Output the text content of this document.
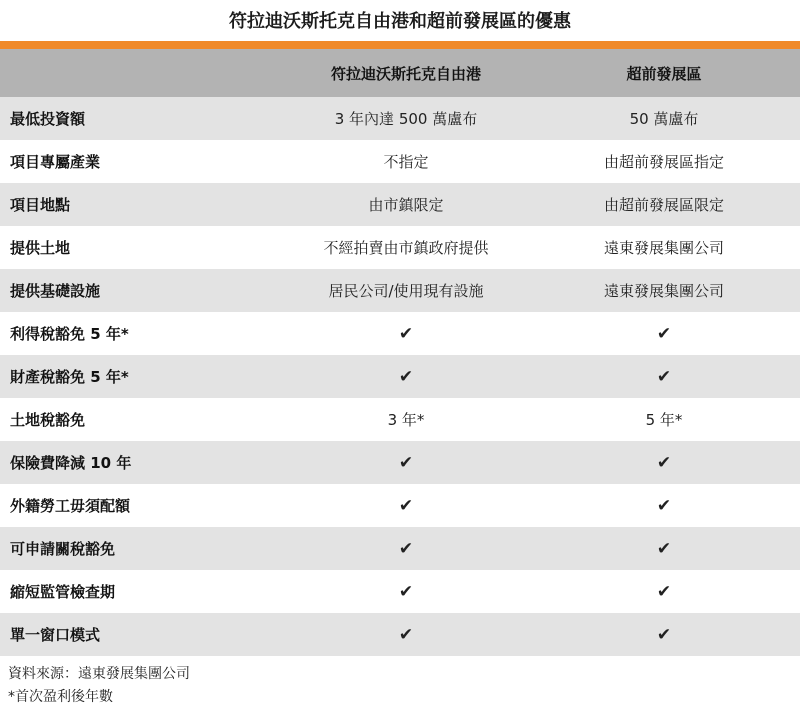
符拉迪沃斯托克自由港和超前發展區的優惠
	符拉迪沃斯托克自由港	超前發展區
最低投資額	3 年內達 500 萬盧布	50 萬盧布
項目專屬產業	不指定	由超前發展區指定
項目地點	由市鎮限定	由超前發展區限定
提供土地	不經拍賣由市鎮政府提供	遠東發展集團公司
提供基礎設施	居民公司/使用現有設施	遠東發展集團公司
利得稅豁免 5 年*	✔	✔
財產稅豁免 5 年*	✔	✔
土地稅豁免	3 年*	5 年*
保險費降減 10 年	✔	✔
外籍勞工毋須配額	✔	✔
可申請關稅豁免	✔	✔
縮短監管檢查期	✔	✔
單一窗口模式	✔	✔
資料來源：遠東發展集團公司
*首次盈利後年數
